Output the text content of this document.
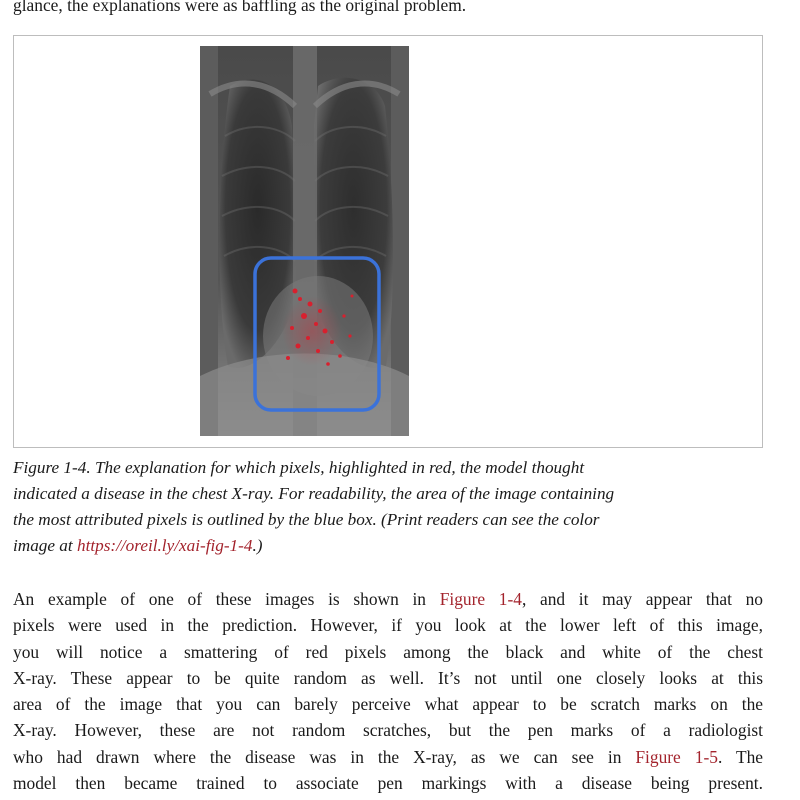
glance, the explanations were as baffling as the original problem.
Figure 1-4. The explanation for which pixels, highlighted in red, the model thought
indicated a disease in the chest X-ray. For readability, the area of the image containing
the most attributed pixels is outlined by the blue box. (Print readers can see the color
image at https://oreil.ly/xai-fig-1-4.)
An example of one of these images is shown in Figure 1-4, and it may appear that no
pixels were used in the prediction. However, if you look at the lower left of this image,
you will notice a smattering of red pixels among the black and white of the chest
X-ray. These appear to be quite random as well. It’s not until one closely looks at this
area of the image that you can barely perceive what appear to be scratch marks on the
X-ray. However, these are not random scratches, but the pen marks of a radiologist
who had drawn where the disease was in the X-ray, as we can see in Figure 1-5. The
model then became trained to associate pen markings with a disease being present.
